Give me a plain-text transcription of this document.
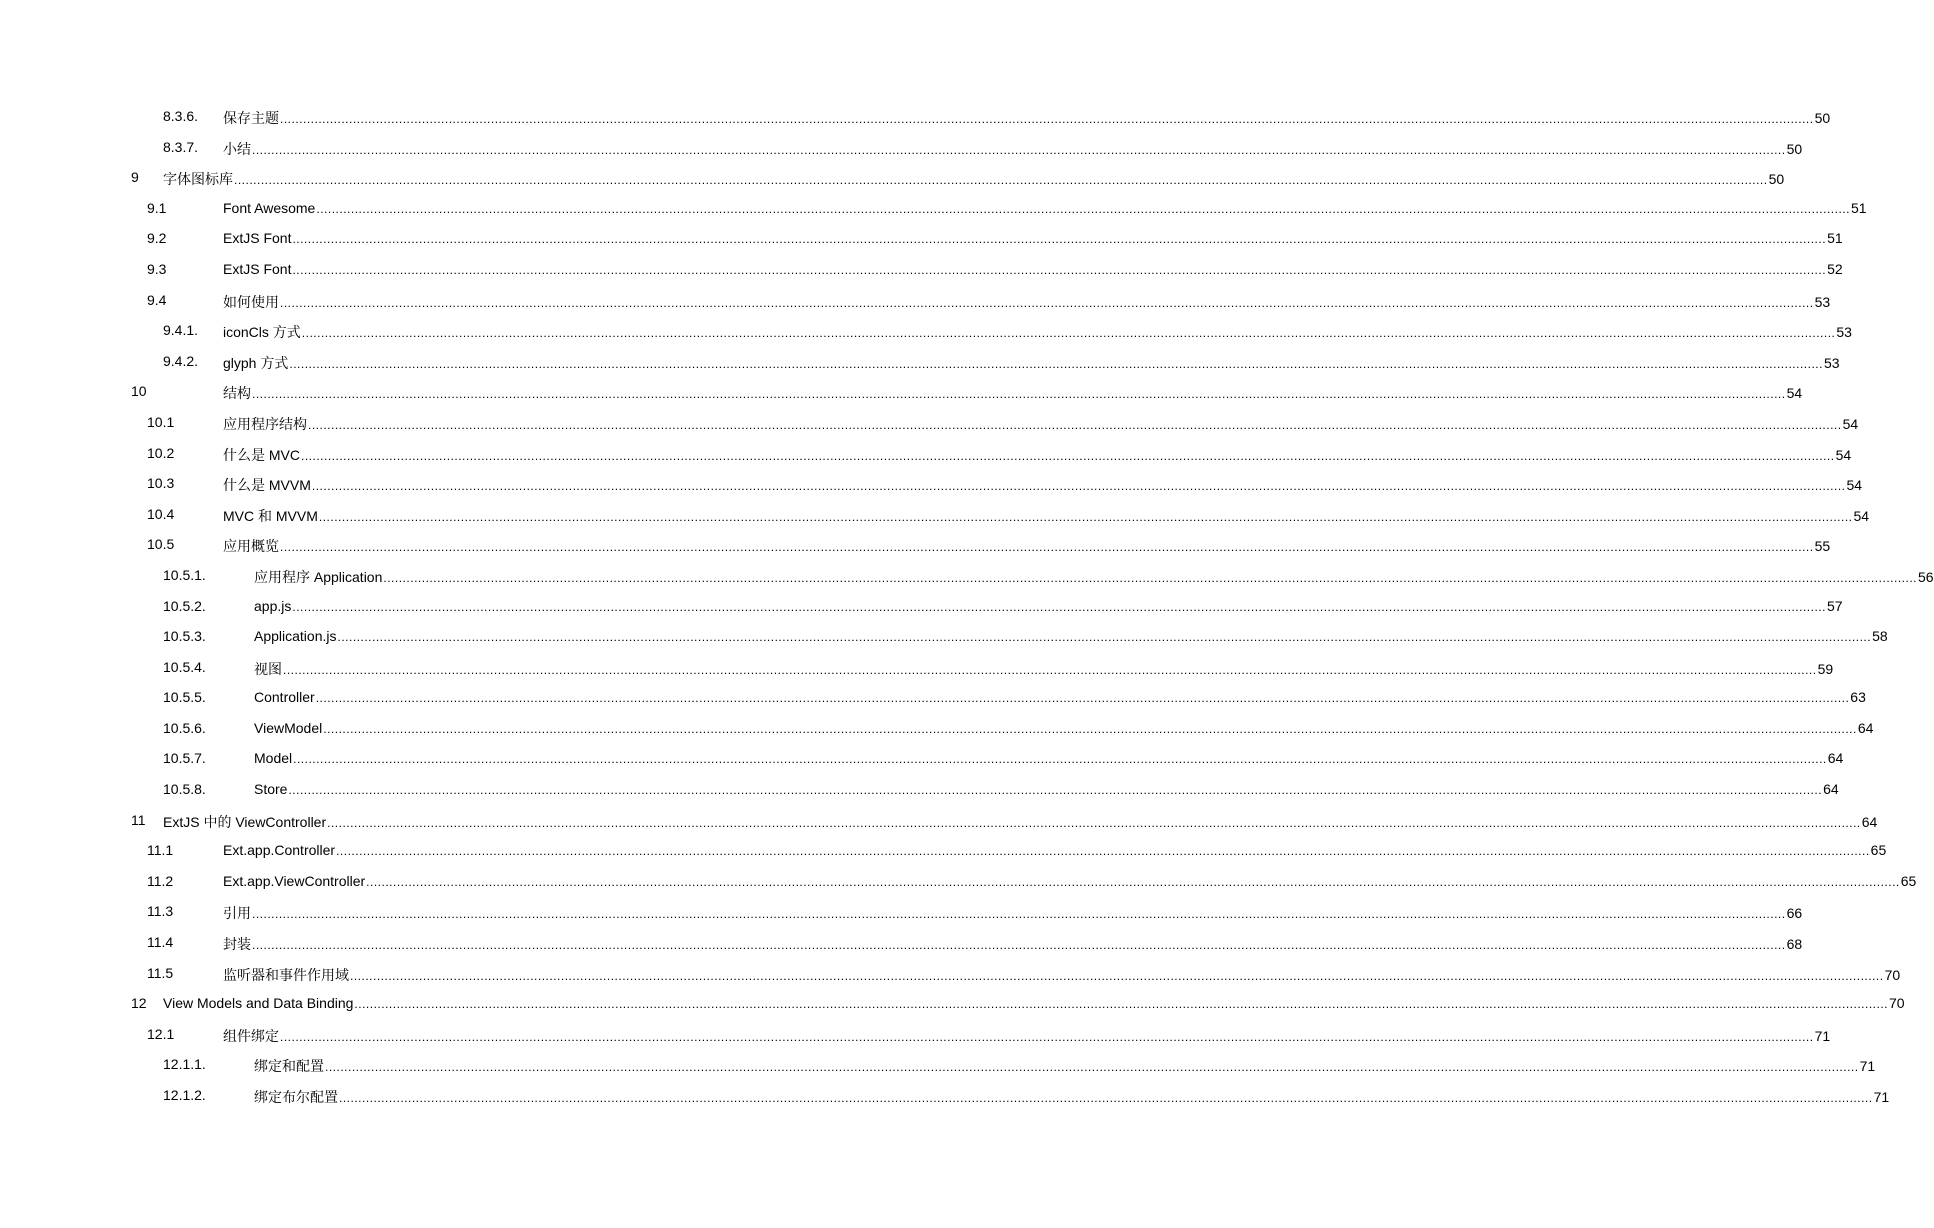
8.3.6. 保存主题 ................................................................................................................................................................................................................................................................................................................................................................................................................ 50
8.3.7. 小结 ................................................................................................................................................................................................................................................................................................................................................................................................................ 50
9 字体图标库 ................................................................................................................................................................................................................................................................................................................................................................................................................ 50
9.1	Font Awesome ................................................................................................................................................................................................................................................................................................................................................................................................................ 51
9.2	ExtJS Font ................................................................................................................................................................................................................................................................................................................................................................................................................ 51
9.3	ExtJS Font ................................................................................................................................................................................................................................................................................................................................................................................................................ 52
9.4	如何使用 ................................................................................................................................................................................................................................................................................................................................................................................................................ 53
9.4.1. iconCls 方式 ................................................................................................................................................................................................................................................................................................................................................................................................................ 53
9.4.2. glyph 方式 ................................................................................................................................................................................................................................................................................................................................................................................................................ 53
10	结构 ................................................................................................................................................................................................................................................................................................................................................................................................................ 54
10.1	应用程序结构 ................................................................................................................................................................................................................................................................................................................................................................................................................ 54
10.2	什么是 MVC ................................................................................................................................................................................................................................................................................................................................................................................................................ 54
10.3	什么是 MVVM ................................................................................................................................................................................................................................................................................................................................................................................................................ 54
10.4	MVC 和 MVVM ................................................................................................................................................................................................................................................................................................................................................................................................................ 54
10.5	应用概览 ................................................................................................................................................................................................................................................................................................................................................................................................................ 55
10.5.1.	应用程序 Application ................................................................................................................................................................................................................................................................................................................................................................................................................ 56
10.5.2.	app.js ................................................................................................................................................................................................................................................................................................................................................................................................................ 57
10.5.3.	Application.js ................................................................................................................................................................................................................................................................................................................................................................................................................ 58
10.5.4.	视图 ................................................................................................................................................................................................................................................................................................................................................................................................................ 59
10.5.5.	Controller ................................................................................................................................................................................................................................................................................................................................................................................................................ 63
10.5.6.	ViewModel ................................................................................................................................................................................................................................................................................................................................................................................................................ 64
10.5.7.	Model ................................................................................................................................................................................................................................................................................................................................................................................................................ 64
10.5.8.	Store ................................................................................................................................................................................................................................................................................................................................................................................................................ 64
11 ExtJS 中的 ViewController ................................................................................................................................................................................................................................................................................................................................................................................................................ 64
11.1	Ext.app.Controller ................................................................................................................................................................................................................................................................................................................................................................................................................ 65
11.2	Ext.app.ViewController ................................................................................................................................................................................................................................................................................................................................................................................................................ 65
11.3	引用 ................................................................................................................................................................................................................................................................................................................................................................................................................ 66
11.4	封装 ................................................................................................................................................................................................................................................................................................................................................................................................................ 68
11.5	监听器和事件作用域 ................................................................................................................................................................................................................................................................................................................................................................................................................ 70
12 View Models and Data Binding ................................................................................................................................................................................................................................................................................................................................................................................................................ 70
12.1	组件绑定 ................................................................................................................................................................................................................................................................................................................................................................................................................ 71
12.1.1.	绑定和配置 ................................................................................................................................................................................................................................................................................................................................................................................................................ 71
12.1.2.	绑定布尔配置 ................................................................................................................................................................................................................................................................................................................................................................................................................ 71
